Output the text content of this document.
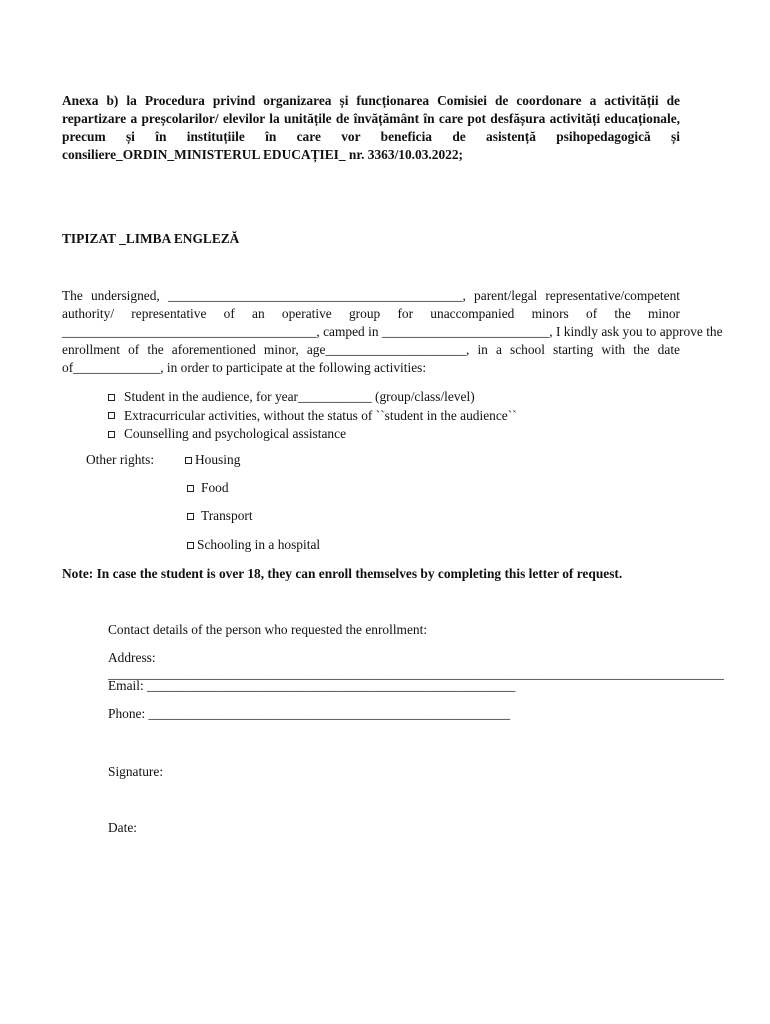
Anexa b) la Procedura privind organizarea și funcționarea Comisiei de coordonare a activității de repartizare a preșcolarilor/ elevilor la unitățile de învățământ în care pot desfășura activități educaționale, precum și în instituțiile în care vor beneficia de asistență psihopedagogică și consiliere_ORDIN_MINISTERUL EDUCAȚIEI_ nr. 3363/10.03.2022;
TIPIZAT _LIMBA ENGLEZĂ
The undersigned, ____________________________________________, parent/legal representative/competent
authority/ representative of an operative group for unaccompanied minors of the minor
______________________________________, camped in _________________________, I kindly ask you to approve the
enrollment of the aforementioned minor, age_____________________, in a school starting with the date
of_____________, in order to participate at the following activities:
Student in the audience, for year___________ (group/class/level)
Extracurricular activities, without the status of ``student in the audience``
Counselling and psychological assistance
Other rights:	Housing
Food
Transport
Schooling in a hospital
Note: In case the student is over 18, they can enroll themselves by completing this letter of request.
Contact details of the person who requested the enrollment:
Address: ____________________________________________________________________________________________
Email: _______________________________________________________
Phone: ______________________________________________________
Signature:
Date:
